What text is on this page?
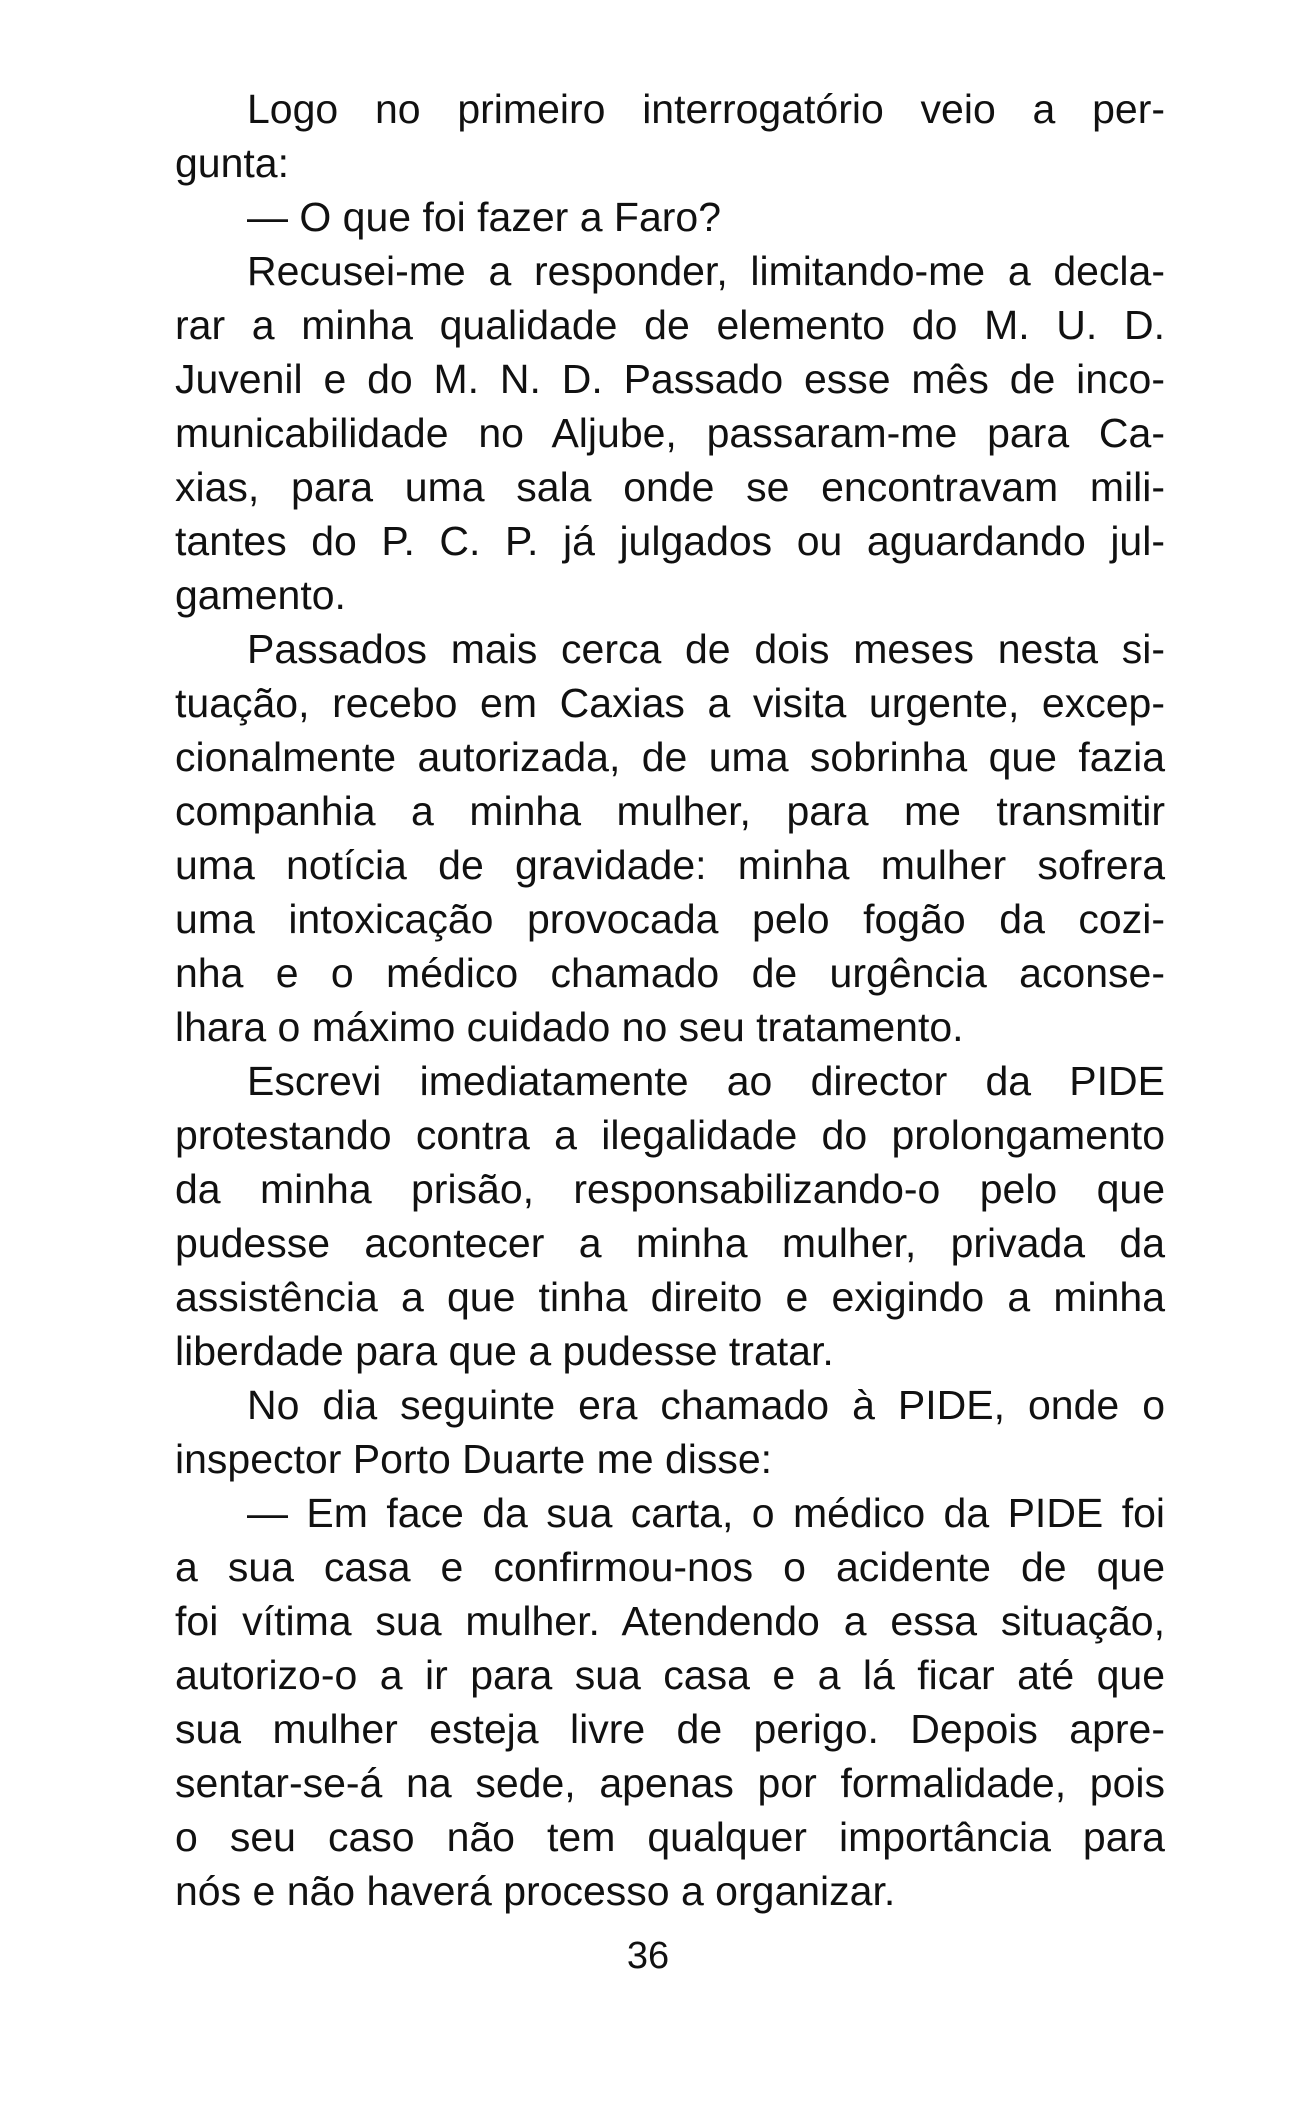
Logo no primeiro interrogatório veio a per-
gunta:
— O que foi fazer a Faro?
Recusei-me a responder, limitando-me a decla-
rar a minha qualidade de elemento do M. U. D.
Juvenil e do M. N. D. Passado esse mês de inco-
municabilidade no Aljube, passaram-me para Ca-
xias, para uma sala onde se encontravam mili-
tantes do P. C. P. já julgados ou aguardando jul-
gamento.
Passados mais cerca de dois meses nesta si-
tuação, recebo em Caxias a visita urgente, excep-
cionalmente autorizada, de uma sobrinha que fazia
companhia a minha mulher, para me transmitir
uma notícia de gravidade: minha mulher sofrera
uma intoxicação provocada pelo fogão da cozi-
nha e o médico chamado de urgência aconse-
lhara o máximo cuidado no seu tratamento.
Escrevi imediatamente ao director da PIDE
protestando contra a ilegalidade do prolongamento
da minha prisão, responsabilizando-o pelo que
pudesse acontecer a minha mulher, privada da
assistência a que tinha direito e exigindo a minha
liberdade para que a pudesse tratar.
No dia seguinte era chamado à PIDE, onde o
inspector Porto Duarte me disse:
— Em face da sua carta, o médico da PIDE foi
a sua casa e confirmou-nos o acidente de que
foi vítima sua mulher. Atendendo a essa situação,
autorizo-o a ir para sua casa e a lá ficar até que
sua mulher esteja livre de perigo. Depois apre-
sentar-se-á na sede, apenas por formalidade, pois
o seu caso não tem qualquer importância para
nós e não haverá processo a organizar.
36
